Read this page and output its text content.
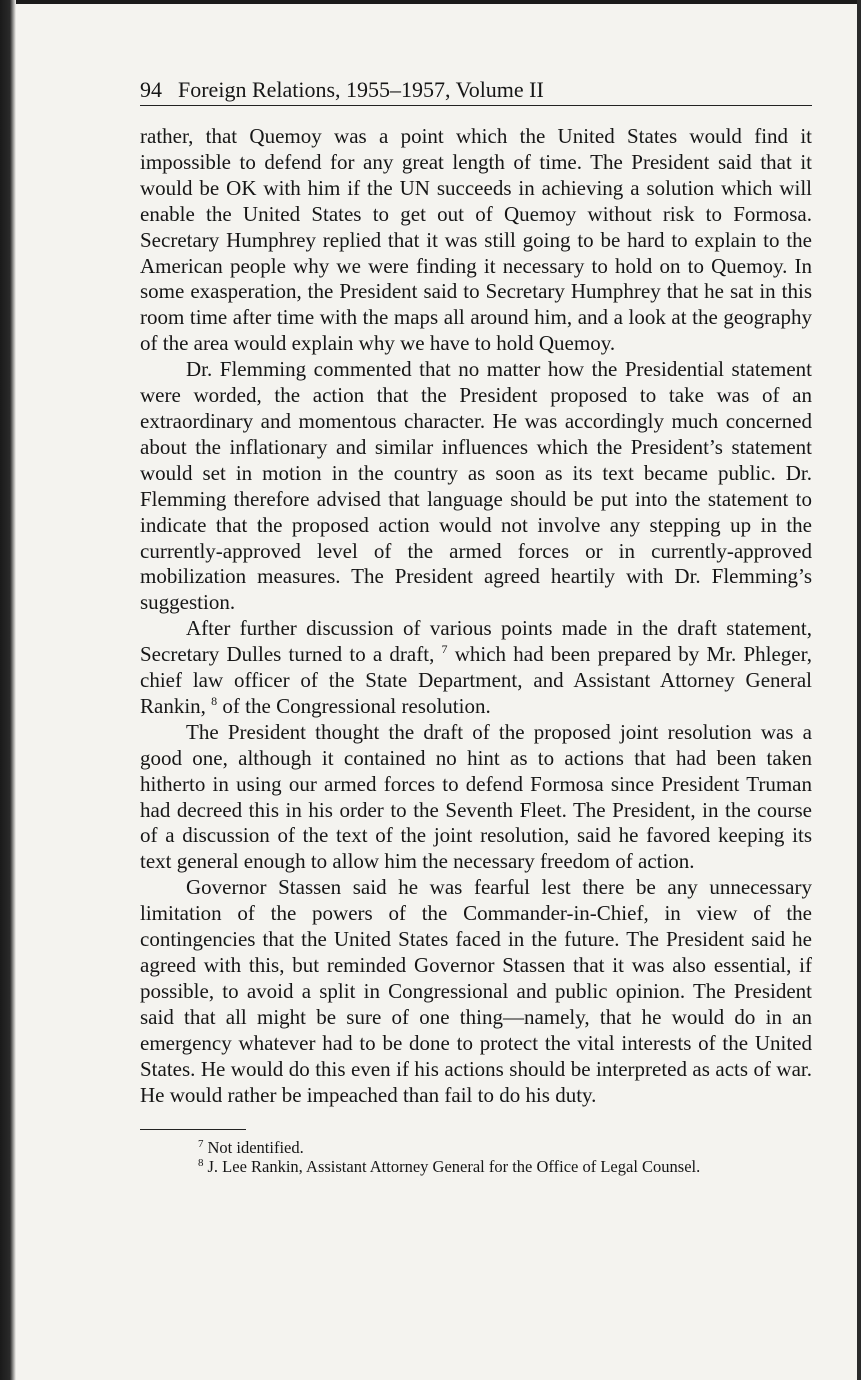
94 Foreign Relations, 1955–1957, Volume II

rather, that Quemoy was a point which the United States would find it impossible to defend for any great length of time. The President said that it would be OK with him if the UN succeeds in achieving a solution which will enable the United States to get out of Quemoy without risk to Formosa. Secretary Humphrey replied that it was still going to be hard to explain to the American people why we were finding it necessary to hold on to Quemoy. In some exasperation, the President said to Secretary Humphrey that he sat in this room time after time with the maps all around him, and a look at the geography of the area would explain why we have to hold Quemoy.

Dr. Flemming commented that no matter how the Presidential statement were worded, the action that the President proposed to take was of an extraordinary and momentous character. He was accordingly much concerned about the inflationary and similar influences which the President’s statement would set in motion in the country as soon as its text became public. Dr. Flemming therefore advised that language should be put into the statement to indicate that the proposed action would not involve any stepping up in the currently-approved level of the armed forces or in currently-approved mobilization measures. The President agreed heartily with Dr. Flemming’s suggestion.

After further discussion of various points made in the draft statement, Secretary Dulles turned to a draft, $^7$ which had been prepared by Mr. Phleger, chief law officer of the State Department, and Assistant Attorney General Rankin, $^8$ of the Congressional resolution.

The President thought the draft of the proposed joint resolution was a good one, although it contained no hint as to actions that had been taken hitherto in using our armed forces to defend Formosa since President Truman had decreed this in his order to the Seventh Fleet. The President, in the course of a discussion of the text of the joint resolution, said he favored keeping its text general enough to allow him the necessary freedom of action.

Governor Stassen said he was fearful lest there be any unnecessary limitation of the powers of the Commander-in-Chief, in view of the contingencies that the United States faced in the future. The President said he agreed with this, but reminded Governor Stassen that it was also essential, if possible, to avoid a split in Congressional and public opinion. The President said that all might be sure of one thing—namely, that he would do in an emergency whatever had to be done to protect the vital interests of the United States. He would do this even if his actions should be interpreted as acts of war. He would rather be impeached than fail to do his duty.

$^7$ Not identified.

$^8$ J. Lee Rankin, Assistant Attorney General for the Office of Legal Counsel.
